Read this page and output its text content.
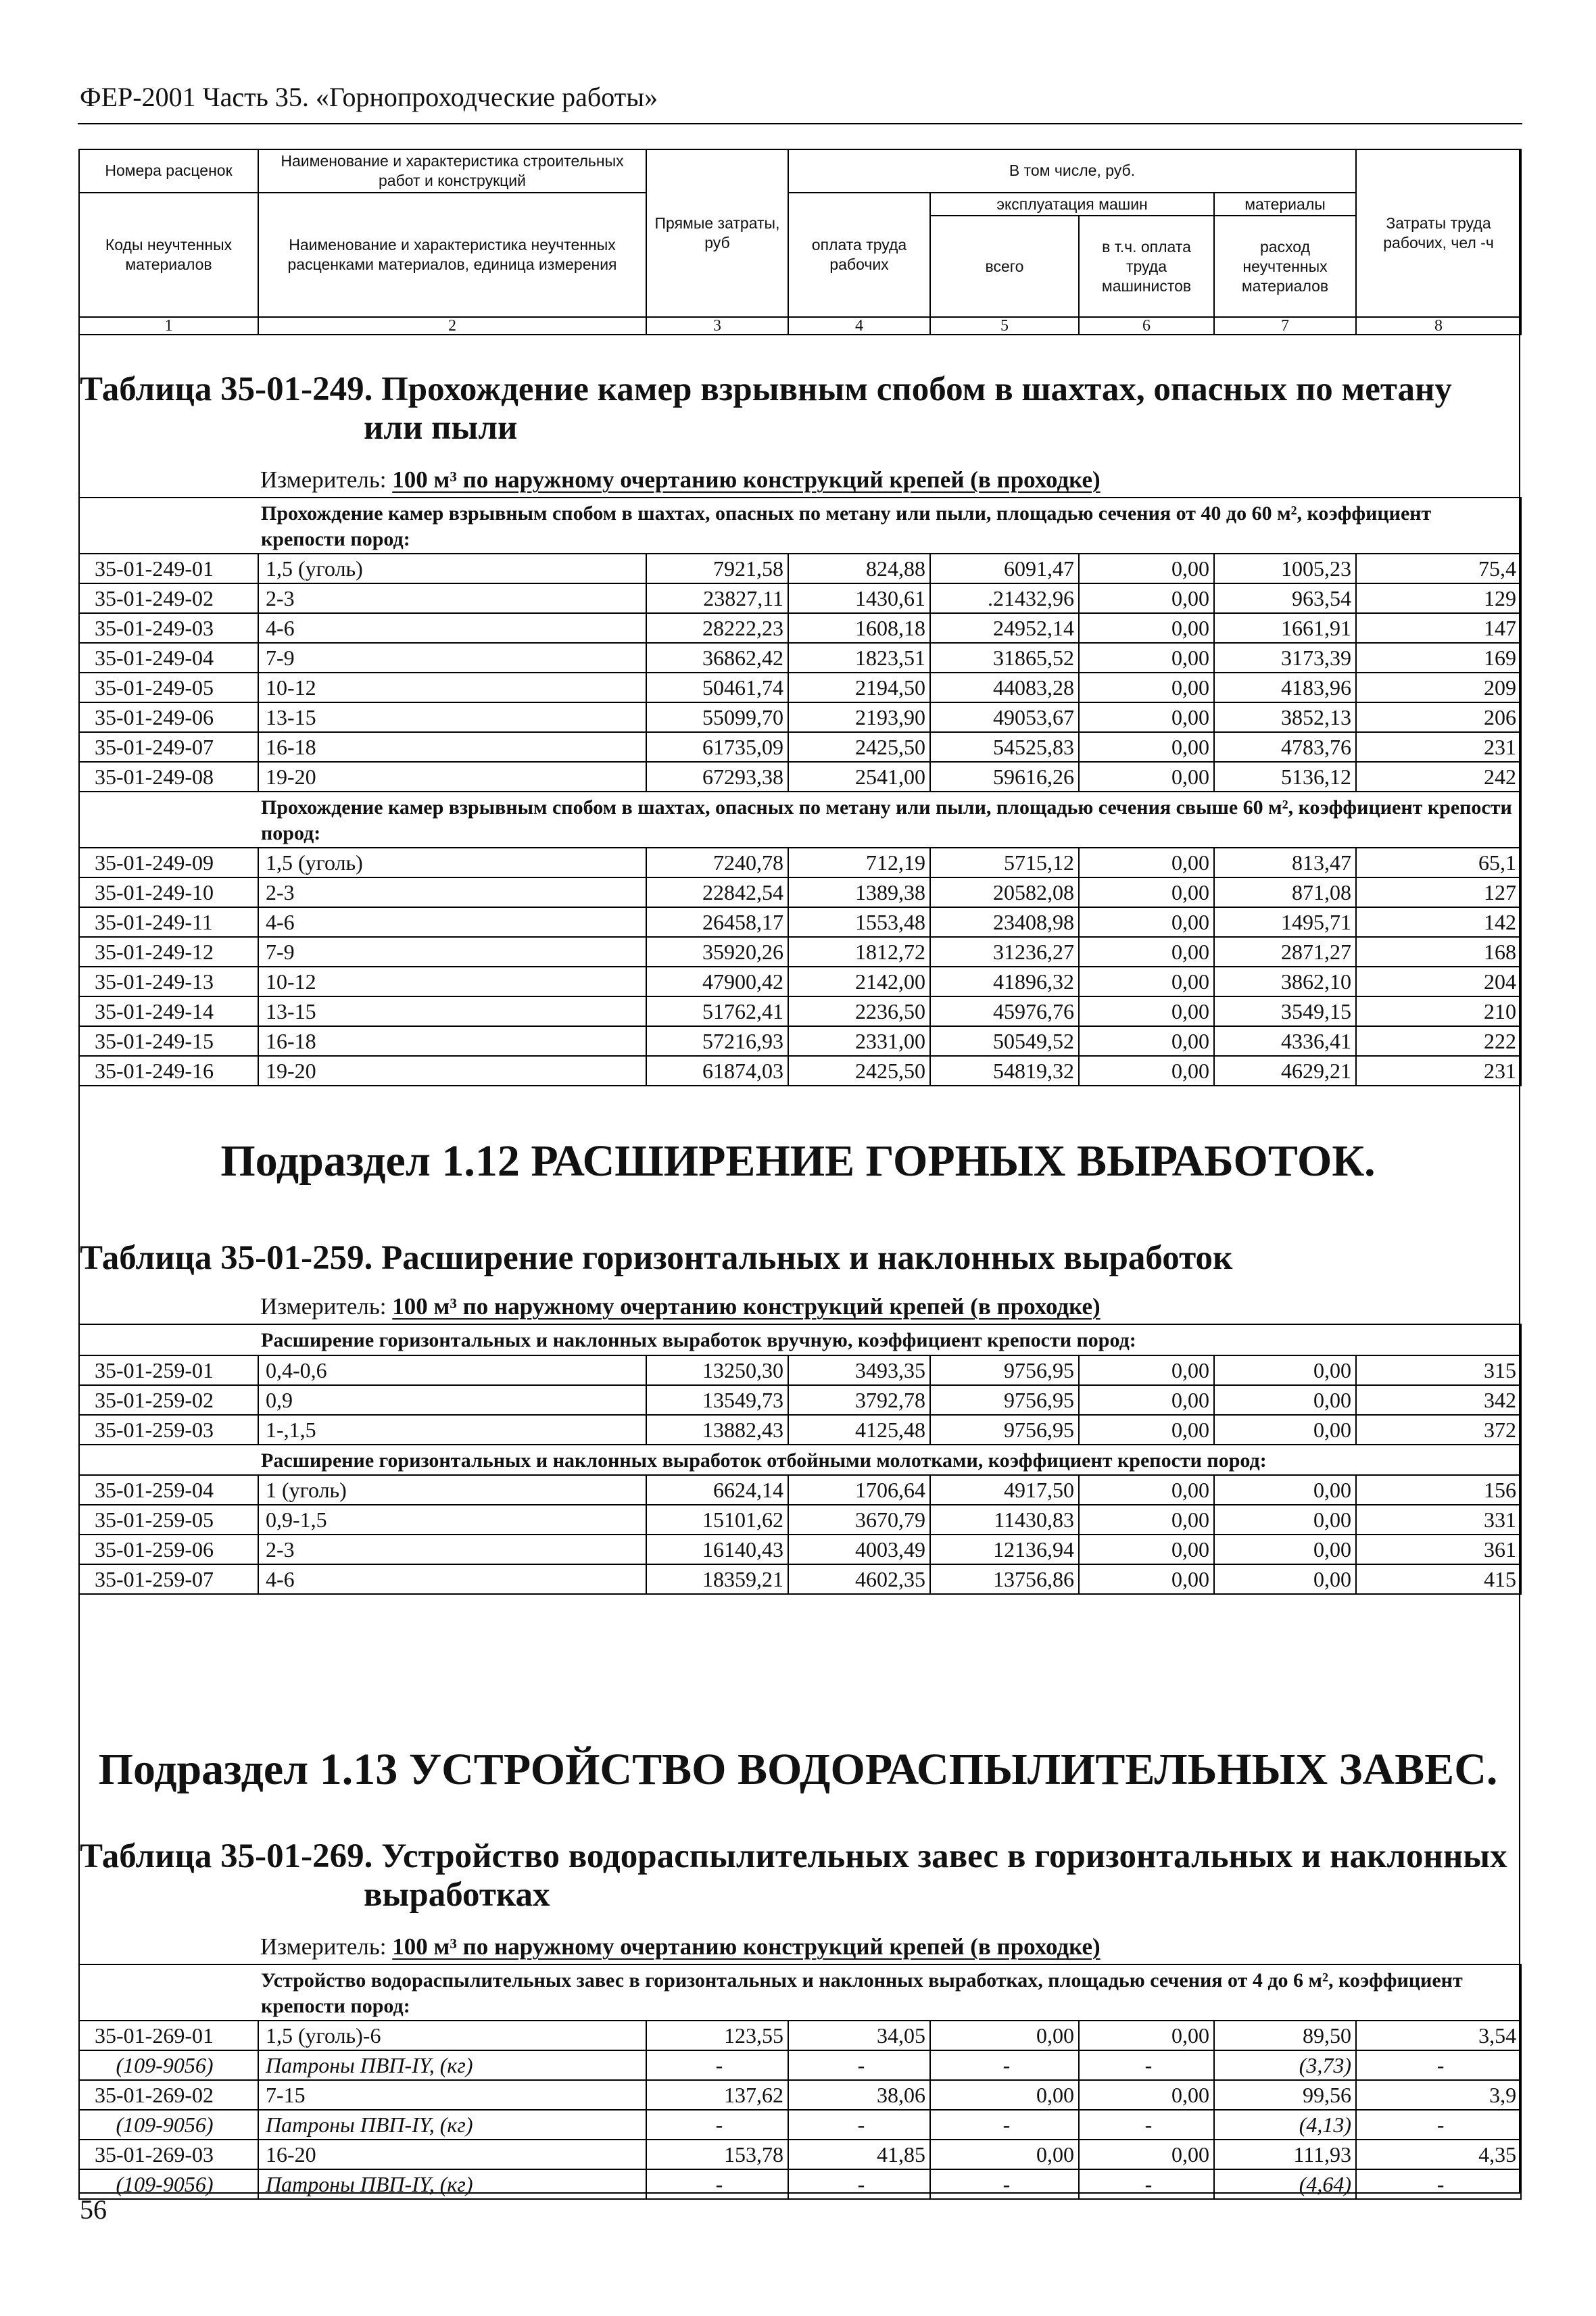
ФЕР-2001 Часть 35. «Горнопроходческие работы»
Номера расценок	Наименование и характеристика строительных работ и конструкций	Прямые затраты, руб	В том числе, руб.				Затраты труда рабочих, чел -ч
Коды неучтенных материалов	Наименование и характеристика неучтенных расценками материалов, единица измерения		оплата труда рабочих	эксплуатация машин		материалы	
				всего	в т.ч. оплата труда машинистов	расход неучтенных материалов	
1	2	3	4	5	6	7	8
Таблица 35-01-249. Прохождение камер взрывным спобом в шахтах, опасных по метану
или пыли
Измеритель: 100 м³ по наружному очертанию конструкций крепей (в проходке)
	Прохождение камер взрывным спобом в шахтах, опасных по метану или пыли, площадью сечения от 40 до 60 м², коэффициент крепости пород:						
35-01-249-01	1,5 (уголь)	7921,58	824,88	6091,47	0,00	1005,23	75,4
35-01-249-02	2-3	23827,11	1430,61	.21432,96	0,00	963,54	129
35-01-249-03	4-6	28222,23	1608,18	24952,14	0,00	1661,91	147
35-01-249-04	7-9	36862,42	1823,51	31865,52	0,00	3173,39	169
35-01-249-05	10-12	50461,74	2194,50	44083,28	0,00	4183,96	209
35-01-249-06	13-15	55099,70	2193,90	49053,67	0,00	3852,13	206
35-01-249-07	16-18	61735,09	2425,50	54525,83	0,00	4783,76	231
35-01-249-08	19-20	67293,38	2541,00	59616,26	0,00	5136,12	242
	Прохождение камер взрывным спобом в шахтах, опасных по метану или пыли, площадью сечения свыше 60 м², коэффициент крепости пород:						
35-01-249-09	1,5 (уголь)	7240,78	712,19	5715,12	0,00	813,47	65,1
35-01-249-10	2-3	22842,54	1389,38	20582,08	0,00	871,08	127
35-01-249-11	4-6	26458,17	1553,48	23408,98	0,00	1495,71	142
35-01-249-12	7-9	35920,26	1812,72	31236,27	0,00	2871,27	168
35-01-249-13	10-12	47900,42	2142,00	41896,32	0,00	3862,10	204
35-01-249-14	13-15	51762,41	2236,50	45976,76	0,00	3549,15	210
35-01-249-15	16-18	57216,93	2331,00	50549,52	0,00	4336,41	222
35-01-249-16	19-20	61874,03	2425,50	54819,32	0,00	4629,21	231
Подраздел 1.12 РАСШИРЕНИЕ ГОРНЫХ ВЫРАБОТОК.
Таблица 35-01-259. Расширение горизонтальных и наклонных выработок
Измеритель: 100 м³ по наружному очертанию конструкций крепей (в проходке)
	Расширение горизонтальных и наклонных выработок вручную, коэффициент крепости пород:						
35-01-259-01	0,4-0,6	13250,30	3493,35	9756,95	0,00	0,00	315
35-01-259-02	0,9	13549,73	3792,78	9756,95	0,00	0,00	342
35-01-259-03	1-,1,5	13882,43	4125,48	9756,95	0,00	0,00	372
	Расширение горизонтальных и наклонных выработок отбойными молотками, коэффициент крепости пород:						
35-01-259-04	1 (уголь)	6624,14	1706,64	4917,50	0,00	0,00	156
35-01-259-05	0,9-1,5	15101,62	3670,79	11430,83	0,00	0,00	331
35-01-259-06	2-3	16140,43	4003,49	12136,94	0,00	0,00	361
35-01-259-07	4-6	18359,21	4602,35	13756,86	0,00	0,00	415
Подраздел 1.13 УСТРОЙСТВО ВОДОРАСПЫЛИТЕЛЬНЫХ ЗАВЕС.
Таблица 35-01-269. Устройство водораспылительных завес в горизонтальных и наклонных
выработках
Измеритель: 100 м³ по наружному очертанию конструкций крепей (в проходке)
	Устройство водораспылительных завес в горизонтальных и наклонных выработках, площадью сечения от 4 до 6 м², коэффициент крепости пород:						
35-01-269-01	1,5 (уголь)-6	123,55	34,05	0,00	0,00	89,50	3,54
(109-9056)	Патроны ПВП-IY, (кг)	-	-	-	-	(3,73)	-
35-01-269-02	7-15	137,62	38,06	0,00	0,00	99,56	3,9
(109-9056)	Патроны ПВП-IY, (кг)	-	-	-	-	(4,13)	-
35-01-269-03	16-20	153,78	41,85	0,00	0,00	111,93	4,35
(109-9056)	Патроны ПВП-IY, (кг)	-	-	-	-	(4,64)	-
56
